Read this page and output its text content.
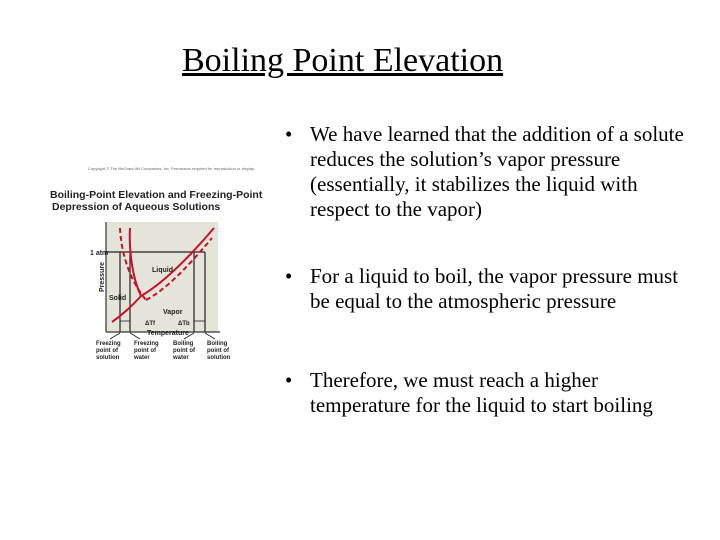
Boiling Point Elevation
• We have learned that the addition of a solute reduces the solution’s vapor pressure (essentially, it stabilizes the liquid with respect to the vapor)
• For a liquid to boil, the vapor pressure must be equal to the atmospheric pressure
• Therefore, we must reach a higher temperature for the liquid to start boiling
Copyright © The McGraw-Hill Companies, Inc. Permission required for reproduction or display.
Boiling-Point Elevation and Freezing-Point
Depression of Aqueous Solutions
1 atm
Pressure
Solid
Liquid
Vapor
ΔTf	ΔTb
Temperature
Freezing
point of
solution
Freezing
point of
water
Boiling
point of
water
Boiling
point of
solution
